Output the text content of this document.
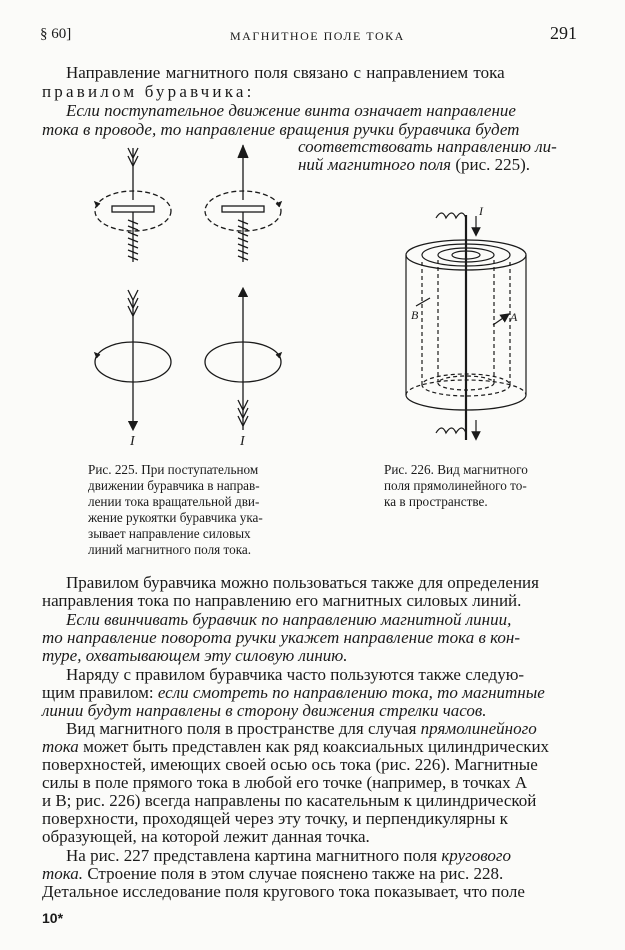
§ 60]	МАГНИТНОЕ ПОЛЕ ТОКА	291
Направление магнитного поля связано с направлением тока
правилом буравчика:
Если поступательное движение винта означает направление
тока в проводе, то направление вращения ручки буравчика будет
соответствовать направлению ли-
ний магнитного поля (рис. 225).
I	I
I
A
B
Рис. 225. При поступательном
движении буравчика в направ-
лении тока вращательной дви-
жение рукоятки буравчика ука-
зывает направление силовых
линий магнитного поля тока.
Рис. 226. Вид магнитного
поля прямолинейного то-
ка в пространстве.
Правилом буравчика можно пользоваться также для определения
направления тока по направлению его магнитных силовых линий.
Если ввинчивать буравчик по направлению магнитной линии,
то направление поворота ручки укажет направление тока в кон-
туре, охватывающем эту силовую линию.
Наряду с правилом буравчика часто пользуются также следую-
щим правилом: если смотреть по направлению тока, то магнитные
линии будут направлены в сторону движения стрелки часов.
Вид магнитного поля в пространстве для случая прямолинейного
тока может быть представлен как ряд коаксиальных цилиндрических
поверхностей, имеющих своей осью ось тока (рис. 226). Магнитные
силы в поле прямого тока в любой его точке (например, в точках A
и B; рис. 226) всегда направлены по касательным к цилиндрической
поверхности, проходящей через эту точку, и перпендикулярны к
образующей, на которой лежит данная точка.
На рис. 227 представлена картина магнитного поля кругового
тока. Строение поля в этом случае пояснено также на рис. 228.
Детальное исследование поля кругового тока показывает, что поле
10*
